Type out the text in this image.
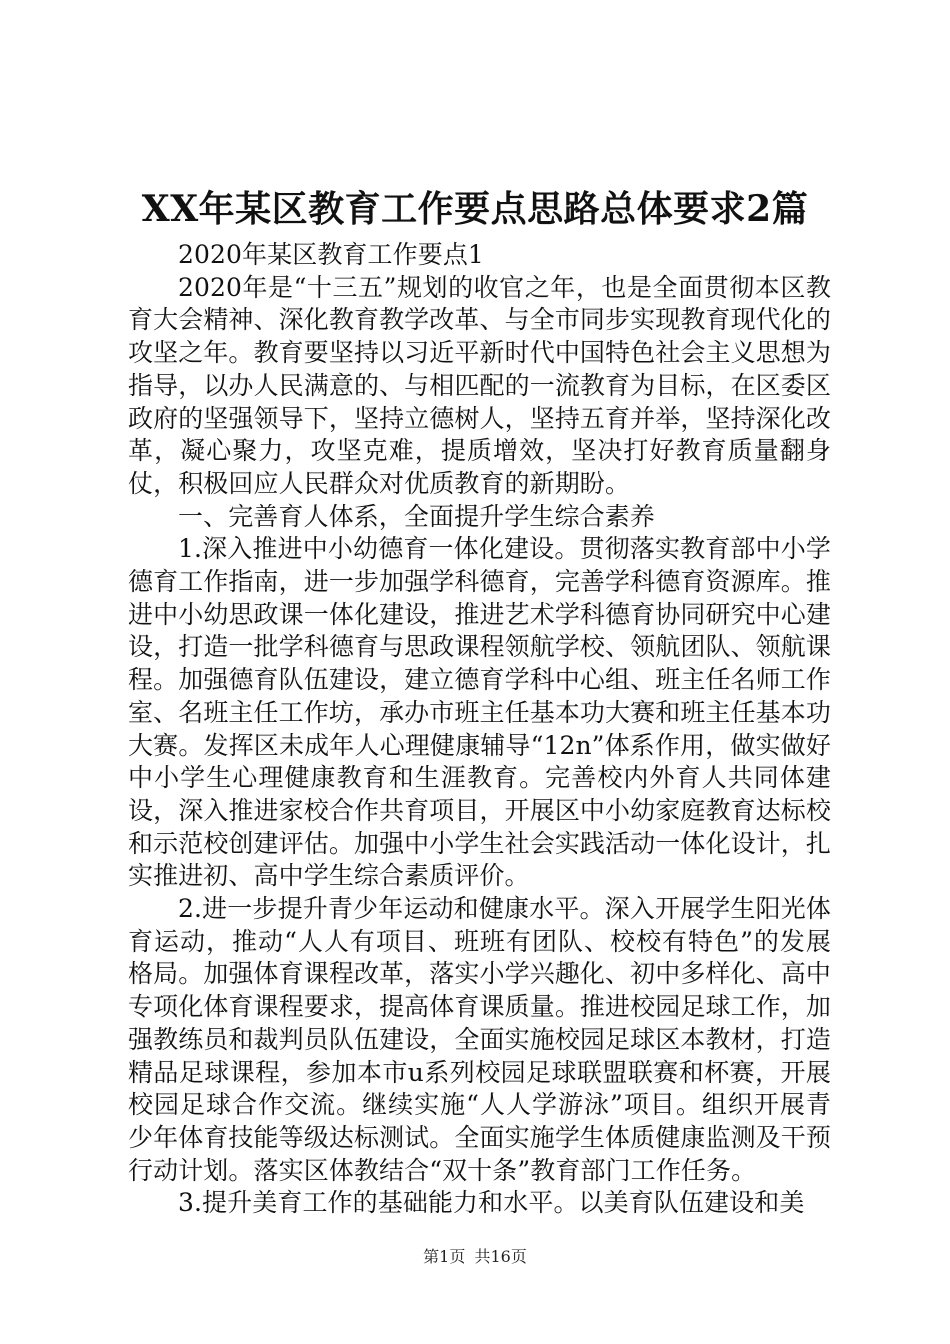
XX年某区教育工作要点思路总体要求2篇

2020年某区教育工作要点1

2020年是“十三五”规划的收官之年，也是全面贯彻本区教育大会精神、深化教育教学改革、与全市同步实现教育现代化的攻坚之年。教育要坚持以习近平新时代中国特色社会主义思想为指导，以办人民满意的、与相匹配的一流教育为目标，在区委区政府的坚强领导下，坚持立德树人，坚持五育并举，坚持深化改革，凝心聚力，攻坚克难，提质增效，坚决打好教育质量翻身仗，积极回应人民群众对优质教育的新期盼。

一、完善育人体系，全面提升学生综合素养

1.深入推进中小幼德育一体化建设。贯彻落实教育部中小学德育工作指南，进一步加强学科德育，完善学科德育资源库。推进中小幼思政课一体化建设，推进艺术学科德育协同研究中心建设，打造一批学科德育与思政课程领航学校、领航团队、领航课程。加强德育队伍建设，建立德育学科中心组、班主任名师工作室、名班主任工作坊，承办市班主任基本功大赛和班主任基本功大赛。发挥区未成年人心理健康辅导“12n”体系作用，做实做好中小学生心理健康教育和生涯教育。完善校内外育人共同体建设，深入推进家校合作共育项目，开展区中小幼家庭教育达标校和示范校创建评估。加强中小学生社会实践活动一体化设计，扎实推进初、高中学生综合素质评价。

2.进一步提升青少年运动和健康水平。深入开展学生阳光体育运动，推动“人人有项目、班班有团队、校校有特色”的发展格局。加强体育课程改革，落实小学兴趣化、初中多样化、高中专项化体育课程要求，提高体育课质量。推进校园足球工作，加强教练员和裁判员队伍建设，全面实施校园足球区本教材，打造精品足球课程，参加本市u系列校园足球联盟联赛和杯赛，开展校园足球合作交流。继续实施“人人学游泳”项目。组织开展青少年体育技能等级达标测试。全面实施学生体质健康监测及干预行动计划。落实区体教结合“双十条”教育部门工作任务。

3.提升美育工作的基础能力和水平。以美育队伍建设和美

第1页 共16页
